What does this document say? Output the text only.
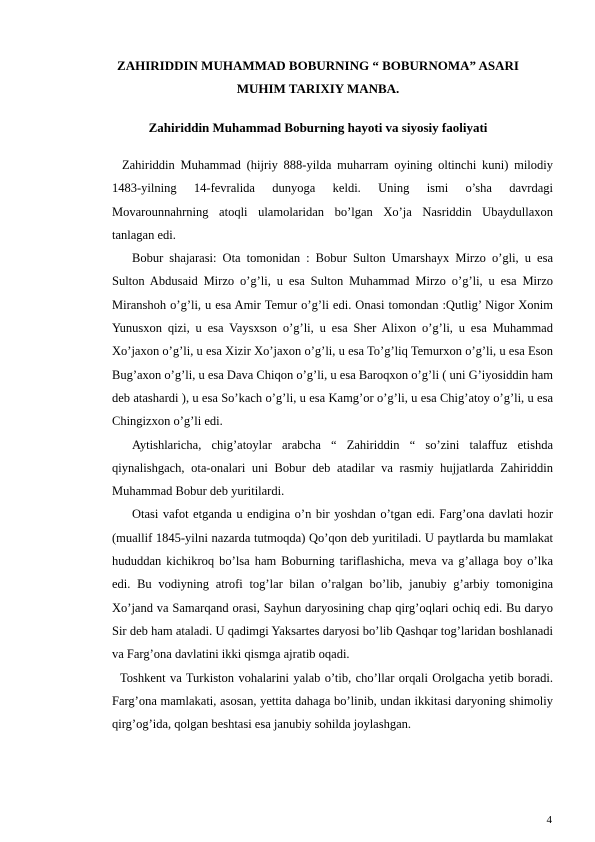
ZAHIRIDDIN MUHAMMAD BOBURNING “ BOBURNOMA” ASARI MUHIM TARIXIY MANBA.
Zahiriddin Muhammad Boburning hayoti va siyosiy faoliyati

Zahiriddin Muhammad (hijriy 888-yilda muharram oyining oltinchi kuni) milodiy 1483-yilning 14-fevralida dunyoga keldi. Uning ismi o’sha davrdagi Movarounnahrning atoqli ulamolaridan bo’lgan Xo’ja Nasriddin Ubaydullaxon tanlagan edi.

Bobur shajarasi: Ota tomonidan : Bobur Sulton Umarshayx Mirzo o’gli, u esa Sulton Abdusaid Mirzo o’g’li, u esa Sulton Muhammad Mirzo o’g’li, u esa Mirzo Miranshoh o’g’li, u esa Amir Temur o’g’li edi. Onasi tomondan :Qutlig’ Nigor Xonim Yunusxon qizi, u esa Vaysxson o’g’li, u esa Sher Alixon o’g’li, u esa Muhammad Xo’jaxon o’g’li, u esa Xizir Xo’jaxon o’g’li, u esa To’g’liq Temurxon o’g’li, u esa Eson Bug’axon o’g’li, u esa Dava Chiqon o’g’li, u esa Baroqxon o’g’li ( uni G’iyosiddin ham deb atashardi ), u esa So’kach o’g’li, u esa Kamg’or o’g’li, u esa Chig’atoy o’g’li, u esa Chingizxon o’g’li edi.

Aytishlaricha, chig’atoylar arabcha “ Zahiriddin “ so’zini talaffuz etishda qiynalishgach, ota-onalari uni Bobur deb atadilar va rasmiy hujjatlarda Zahiriddin Muhammad Bobur deb yuritilardi.

Otasi vafot etganda u endigina o’n bir yoshdan o’tgan edi. Farg’ona davlati hozir (muallif 1845-yilni nazarda tutmoqda) Qo’qon deb yuritiladi. U paytlarda bu mamlakat hududdan kichikroq bo’lsa ham Boburning tariflashicha, meva va g’allaga boy o’lka edi. Bu vodiyning atrofi tog’lar bilan o’ralgan bo’lib, janubiy g’arbiy tomonigina Xo’jand va Samarqand orasi, Sayhun daryosining chap qirg’oqlari ochiq edi. Bu daryo Sir deb ham ataladi. U qadimgi Yaksartes daryosi bo’lib Qashqar tog’laridan boshlanadi va Farg’ona davlatini ikki qismga ajratib oqadi.

Toshkent va Turkiston vohalarini yalab o’tib, cho’llar orqali Orolgacha yetib boradi. Farg’ona mamlakati, asosan, yettita dahaga bo’linib, undan ikkitasi daryoning shimoliy qirg’og’ida, qolgan beshtasi esa janubiy sohilda joylashgan.

4
